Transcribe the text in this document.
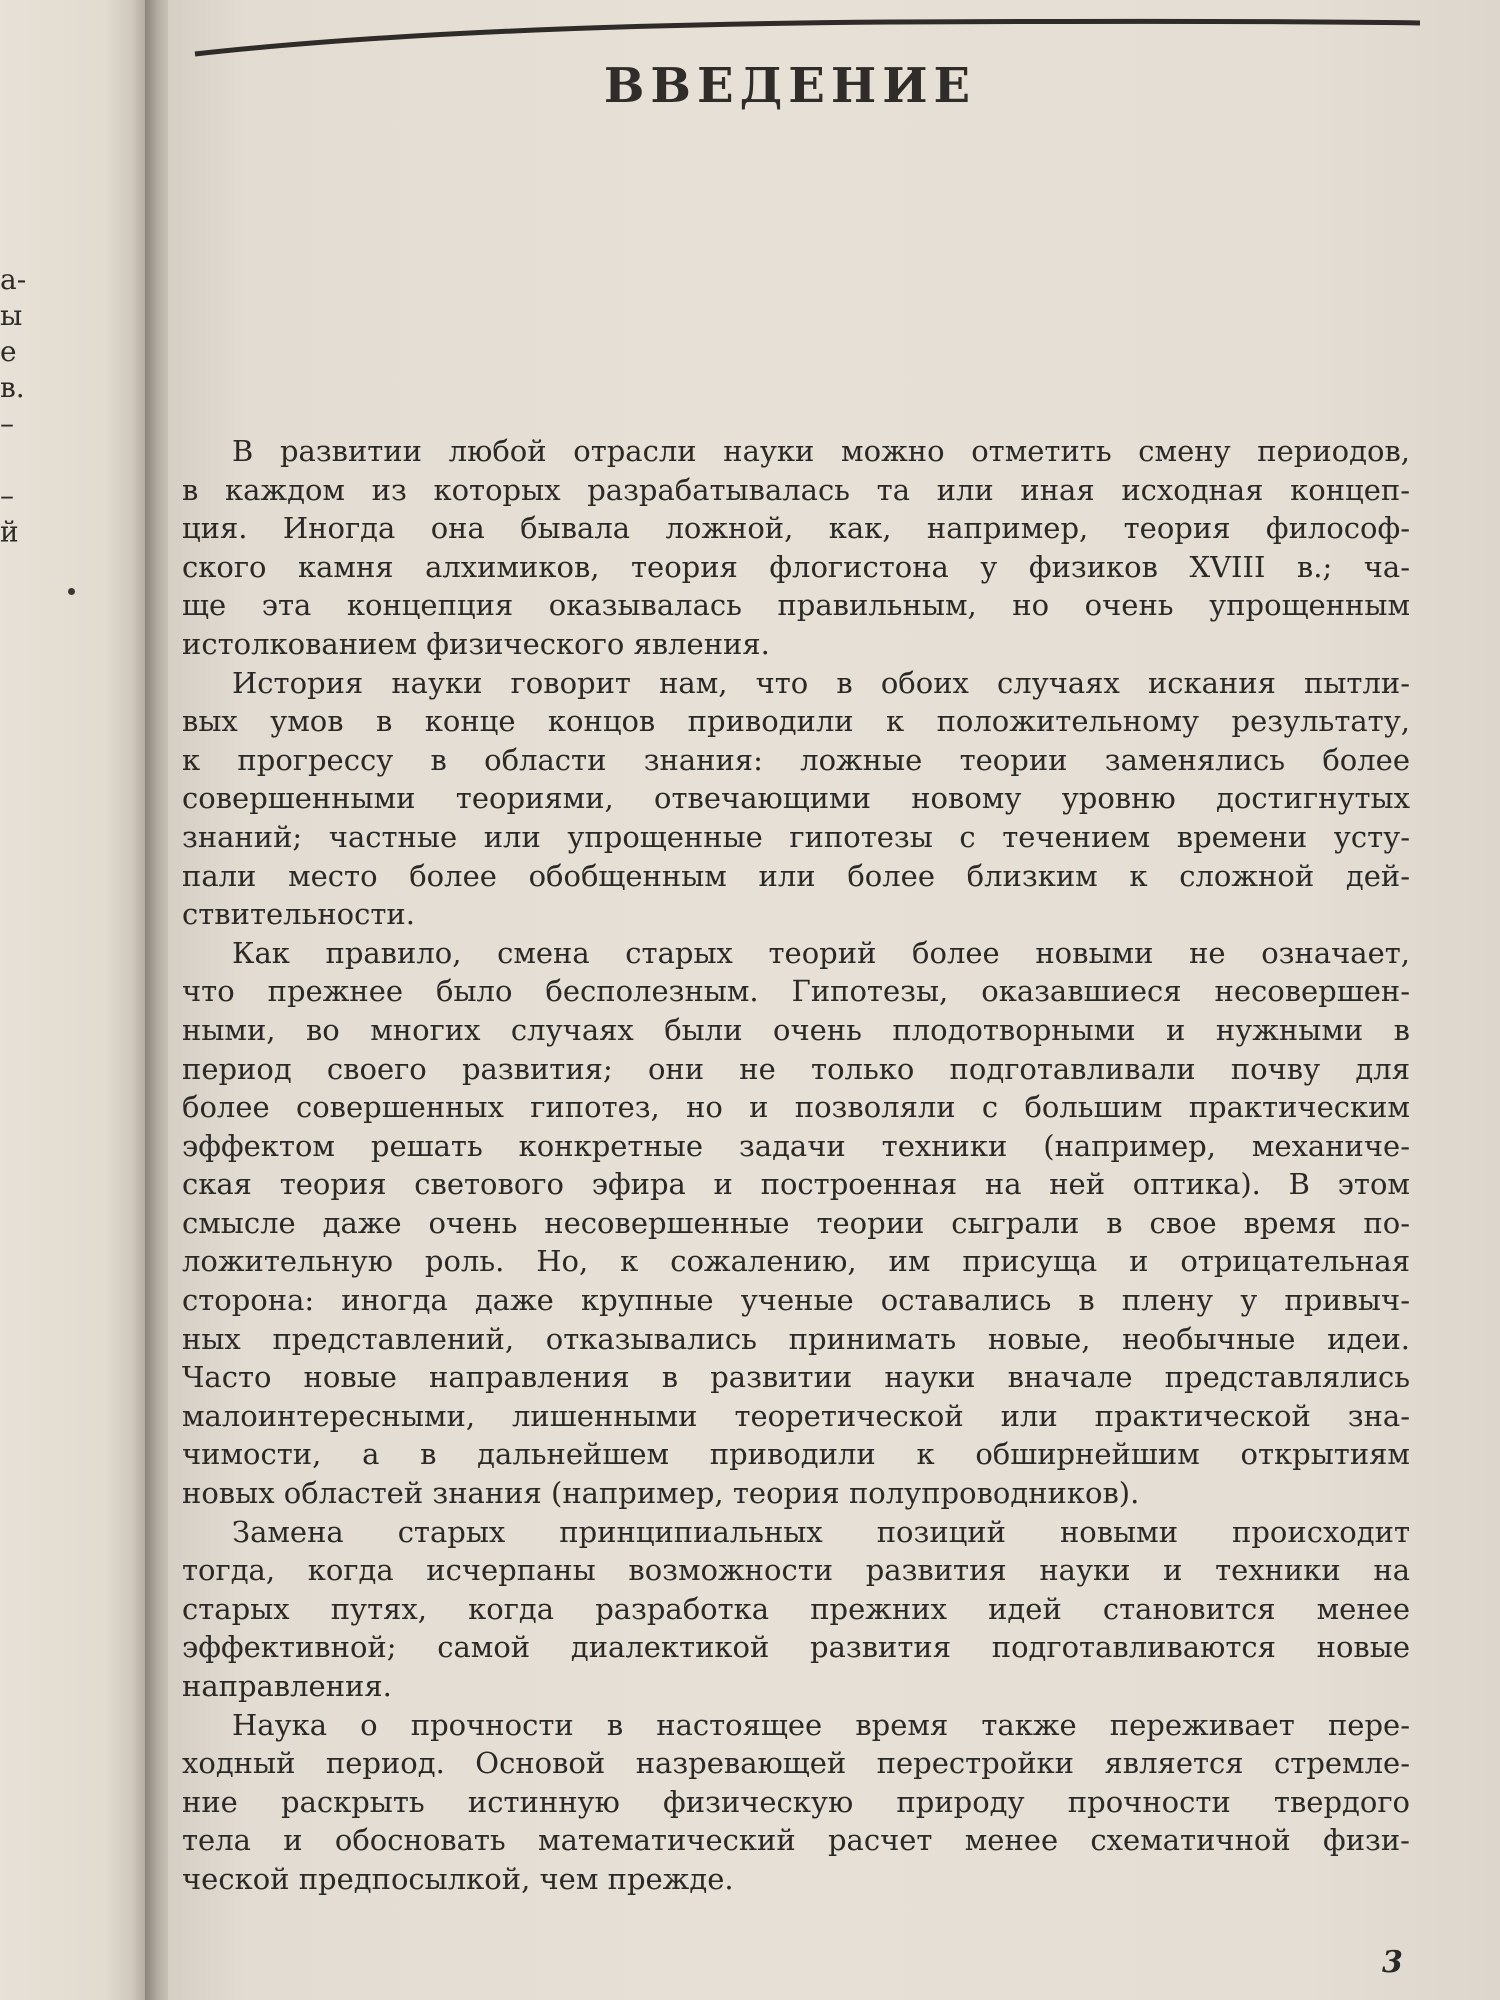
а-
ы
е
в.
–
–
й
ВВЕДЕНИЕ

В развитии любой отрасли науки можно отметить смену периодов,
в каждом из которых разрабатывалась та или иная исходная концеп-
ция. Иногда она бывала ложной, как, например, теория философ-
ского камня алхимиков, теория флогистона у физиков XVIII в.; ча-
ще эта концепция оказывалась правильным, но очень упрощенным
истолкованием физического явления.

История науки говорит нам, что в обоих случаях искания пытли-
вых умов в конце концов приводили к положительному результату,
к прогрессу в области знания: ложные теории заменялись более
совершенными теориями, отвечающими новому уровню достигнутых
знаний; частные или упрощенные гипотезы с течением времени усту-
пали место более обобщенным или более близким к сложной дей-
ствительности.

Как правило, смена старых теорий более новыми не означает,
что прежнее было бесполезным. Гипотезы, оказавшиеся несовершен-
ными, во многих случаях были очень плодотворными и нужными в
период своего развития; они не только подготавливали почву для
более совершенных гипотез, но и позволяли с большим практическим
эффектом решать конкретные задачи техники (например, механиче-
ская теория светового эфира и построенная на ней оптика). В этом
смысле даже очень несовершенные теории сыграли в свое время по-
ложительную роль. Но, к сожалению, им присуща и отрицательная
сторона: иногда даже крупные ученые оставались в плену у привыч-
ных представлений, отказывались принимать новые, необычные идеи.
Часто новые направления в развитии науки вначале представлялись
малоинтересными, лишенными теоретической или практической зна-
чимости, а в дальнейшем приводили к обширнейшим открытиям
новых областей знания (например, теория полупроводников).

Замена старых принципиальных позиций новыми происходит
тогда, когда исчерпаны возможности развития науки и техники на
старых путях, когда разработка прежних идей становится менее
эффективной; самой диалектикой развития подготавливаются новые
направления.

Наука о прочности в настоящее время также переживает пере-
ходный период. Основой назревающей перестройки является стремле-
ние раскрыть истинную физическую природу прочности твердого
тела и обосновать математический расчет менее схематичной физи-
ческой предпосылкой, чем прежде.

3
